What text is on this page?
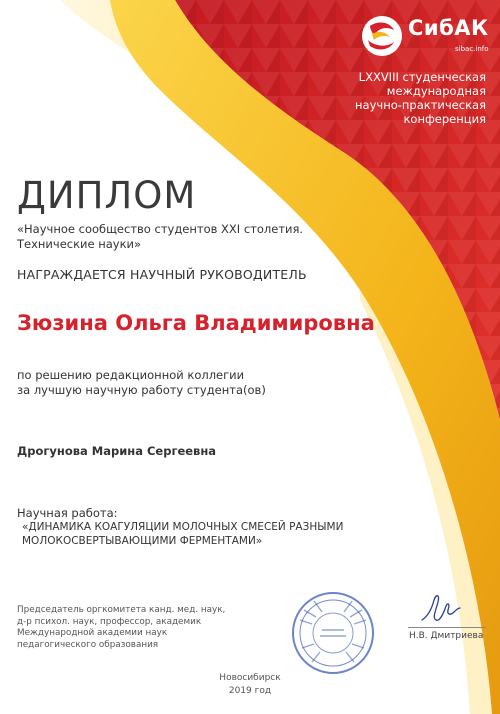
СибАК
sibac.info
LXXVIII студенческая
международная
научно-практическая
конференция
ДИПЛОМ
«Научное сообщество студентов XXI столетия.
Технические науки»
НАГРАЖДАЕТСЯ НАУЧНЫЙ РУКОВОДИТЕЛЬ
Зюзина Ольга Владимировна
по решению редакционной коллегии
за лучшую научную работу студента(ов)
Дрогунова Марина Сергеевна
Научная работа:
«ДИНАМИКА КОАГУЛЯЦИИ МОЛОЧНЫХ СМЕСЕЙ РАЗНЫМИ
МОЛОКОСВЕРТЫВАЮЩИМИ ФЕРМЕНТАМИ»
Председатель оргкомитета канд. мед. наук,
д-р психол. наук, профессор, академик
Международной академии наук
педагогического образования
Н.В. Дмитриева
Новосибирск
2019 год
